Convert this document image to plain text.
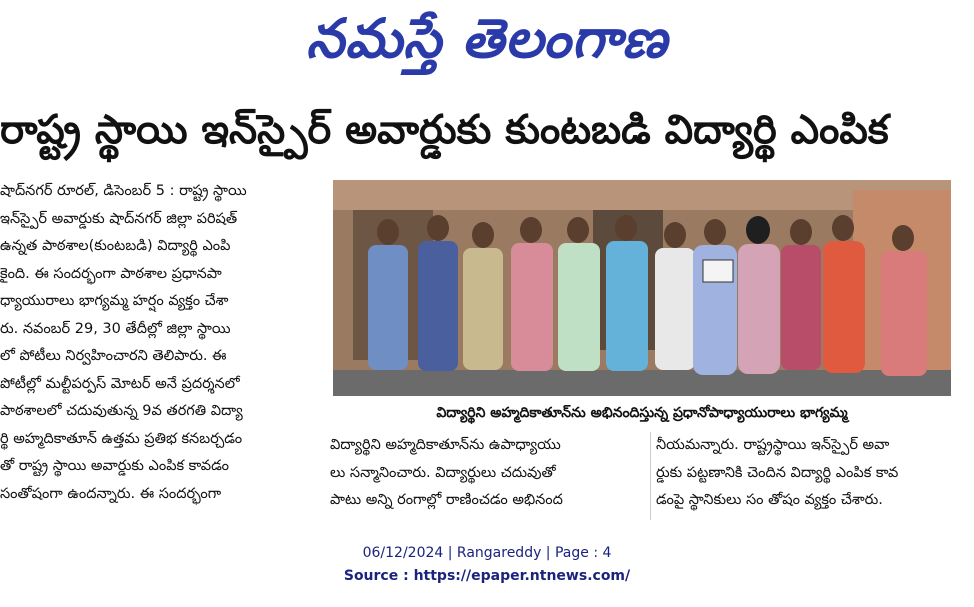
నమస్తే తెలంగాణ
రాష్ట్ర స్థాయి ఇన్‌స్పైర్ అవార్డుకు కుంటబడి విద్యార్థి ఎంపిక

షాద్‌నగర్ రూరల్, డిసెంబర్ 5 : రాష్ట్ర స్థాయి

ఇన్‌స్పైర్ అవార్డుకు షాద్‌నగర్ జిల్లా పరిషత్

ఉన్నత పాఠశాల(కుంటబడి) విద్యార్థి ఎంపి

కైంది. ఈ సందర్భంగా పాఠశాల ప్రధానపా

ధ్యాయురాలు భాగ్యమ్మ హర్షం వ్యక్తం చేశా

రు. నవంబర్ 29, 30 తేదీల్లో జిల్లా స్థాయి

లో పోటీలు నిర్వహించారని తెలిపారు. ఈ

పోటీల్లో మల్టీపర్పస్ మోటర్ అనే ప్రదర్శనలో

పాఠశాలలో చదువుతున్న 9వ తరగతి విద్యా

ర్థి అహ్మదికాతూన్ ఉత్తమ ప్రతిభ కనబర్చడం

తో రాష్ట్ర స్థాయి అవార్డుకు ఎంపిక కావడం

సంతోషంగా ఉందన్నారు. ఈ సందర్భంగా

విద్యార్థిని అహ్మదికాతూన్‌ను అభినందిస్తున్న ప్రధానోపాధ్యాయురాలు భాగ్యమ్మ

విద్యార్థిని అహ్మదికాతూన్‌ను ఉపాధ్యాయు

లు సన్మానించారు. విద్యార్థులు చదువుతో

పాటు అన్ని రంగాల్లో రాణించడం అభినంద

నీయమన్నారు. రాష్ట్రస్థాయి ఇన్‌స్పైర్ అవా

ర్డుకు పట్టణానికి చెందిన విద్యార్థి ఎంపిక కావ

డంపై స్థానికులు సం తోషం వ్యక్తం చేశారు.

06/12/2024 | Rangareddy | Page : 4
Source : https://epaper.ntnews.com/
